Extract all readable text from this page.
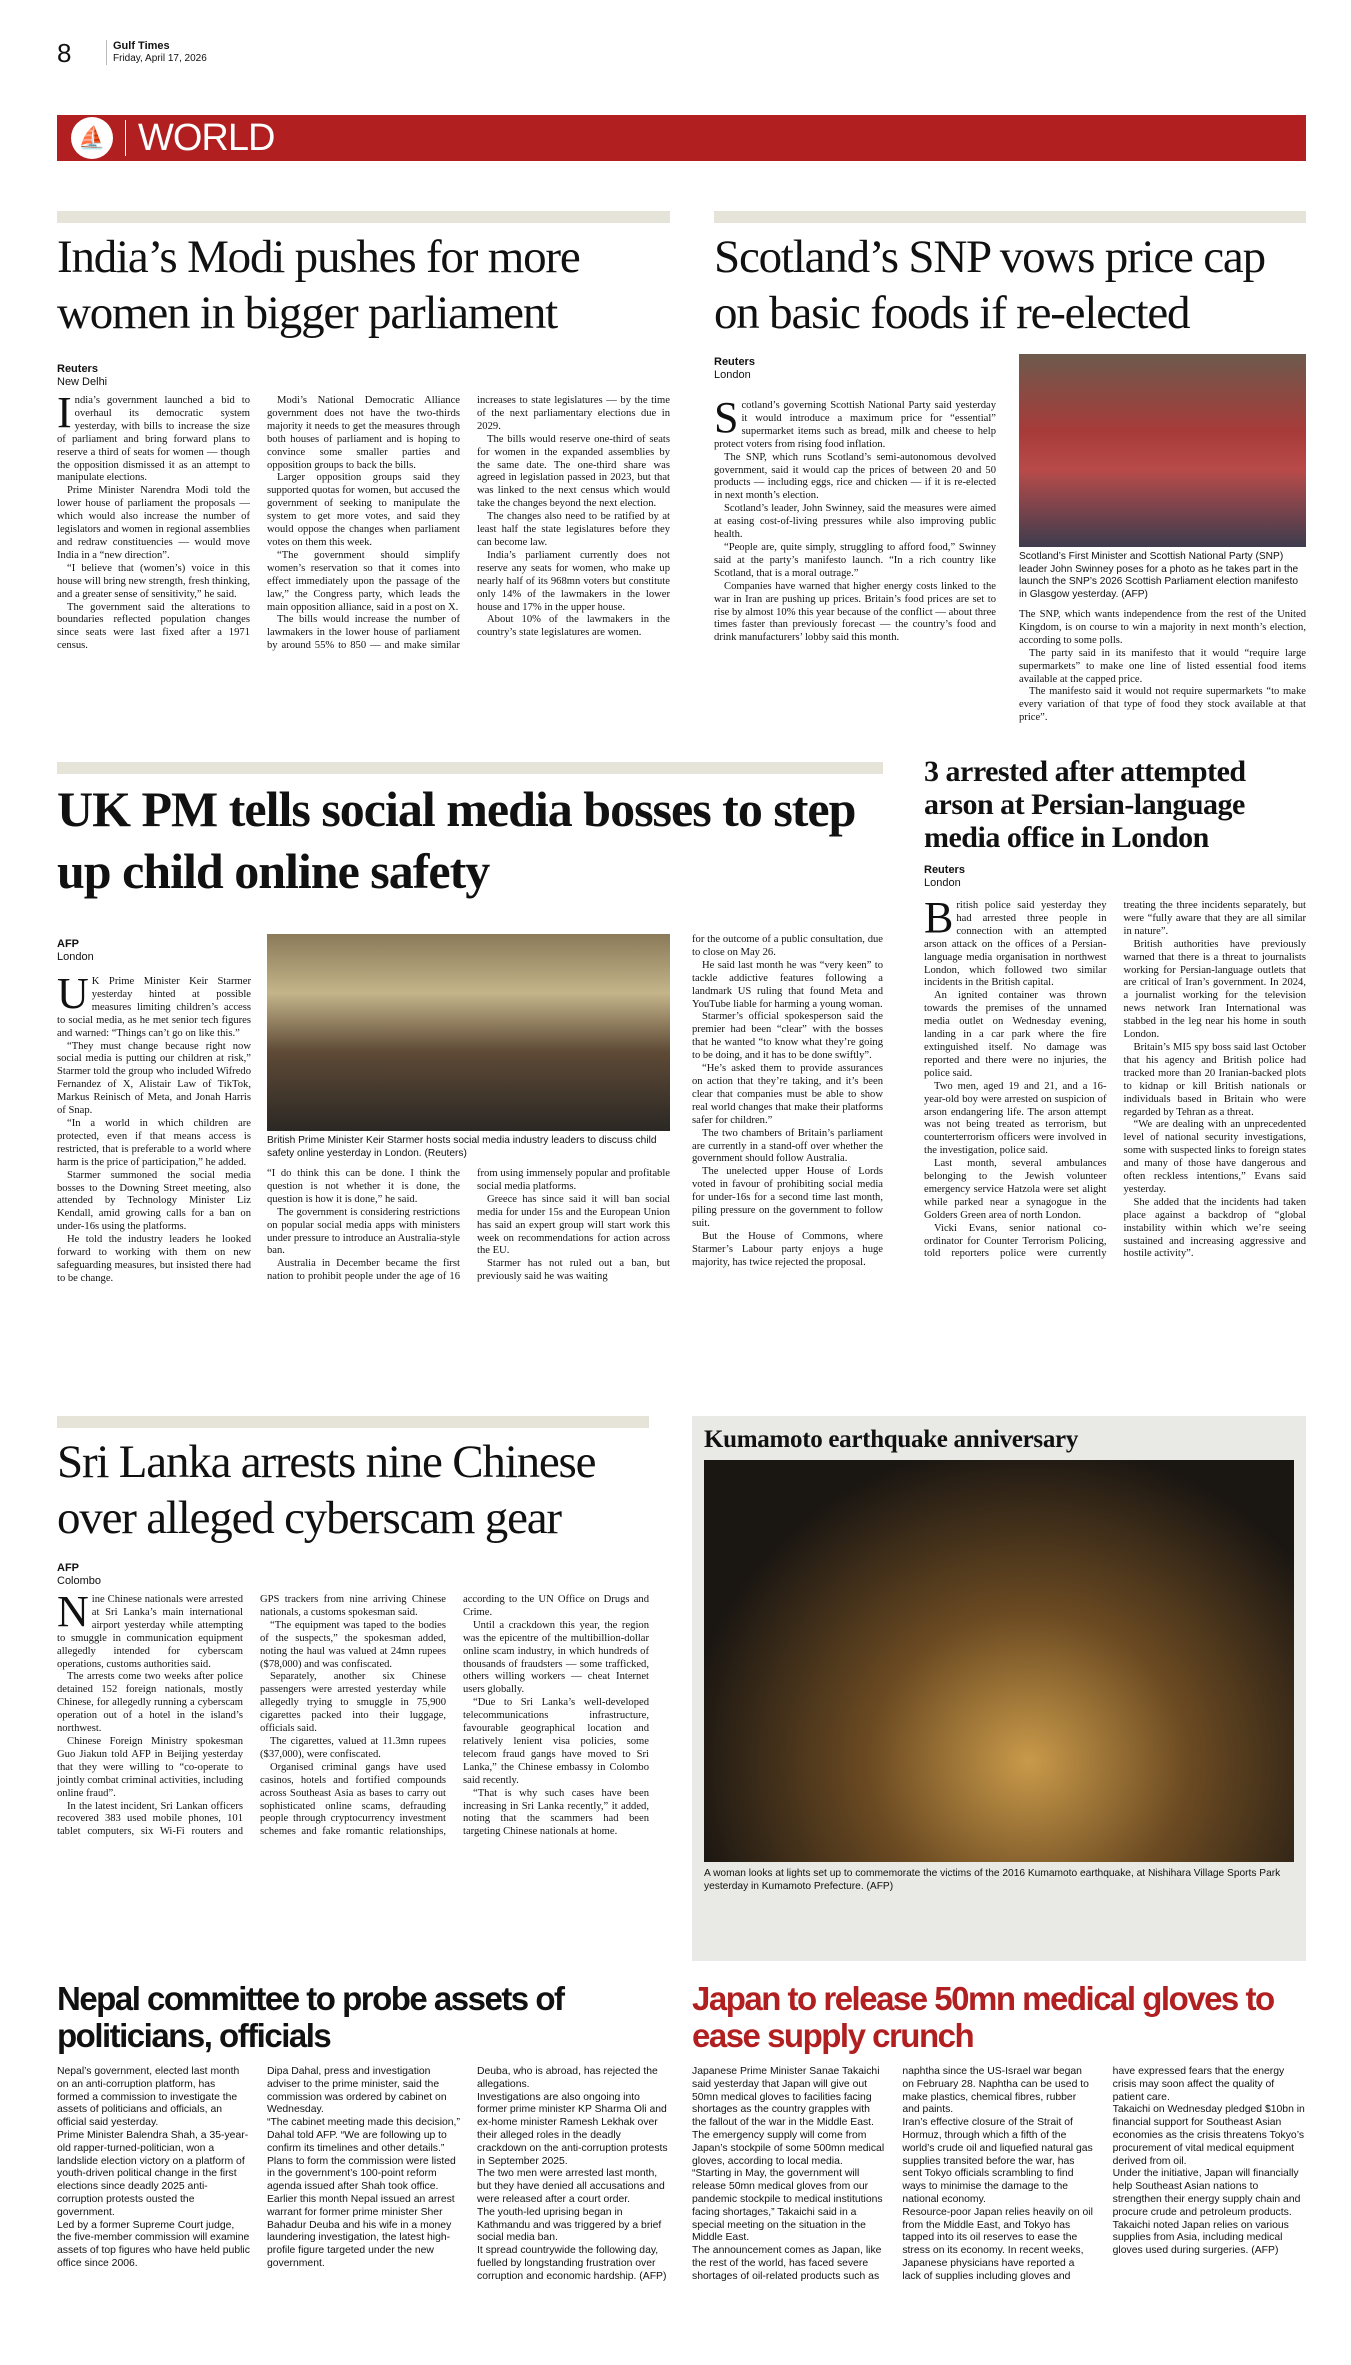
8	Gulf Times
Friday, April 17, 2026
⛵ WORLD
India’s Modi pushes for more women in bigger parliament
Reuters
New Delhi

India’s government launched a bid to overhaul its democratic system yesterday, with bills to increase the size of parliament and bring forward plans to reserve a third of seats for women — though the opposition dismissed it as an attempt to manipulate elections.

Prime Minister Narendra Modi told the lower house of parliament the proposals — which would also increase the number of legislators and women in regional assemblies and redraw constituencies — would move India in a “new direction”.

“I believe that (women’s) voice in this house will bring new strength, fresh thinking, and a greater sense of sensitivity,” he said.

The government said the alterations to boundaries reflected population changes since seats were last fixed after a 1971 census.

Modi’s National Democratic Alliance government does not have the two-thirds majority it needs to get the measures through both houses of parliament and is hoping to convince some smaller parties and opposition groups to back the bills.

Larger opposition groups said they supported quotas for women, but accused the government of seeking to manipulate the system to get more votes, and said they would oppose the changes when parliament votes on them this week.

“The government should simplify women’s reservation so that it comes into effect immediately upon the passage of the law,” the Congress party, which leads the main opposition alliance, said in a post on X.

The bills would increase the number of lawmakers in the lower house of parliament by around 55% to 850 — and make similar increases to state legislatures — by the time of the next parliamentary elections due in 2029.

The bills would reserve one-third of seats for women in the expanded assemblies by the same date. The one-third share was agreed in legislation passed in 2023, but that was linked to the next census which would take the changes beyond the next election.

The changes also need to be ratified by at least half the state legislatures before they can become law.

India’s parliament currently does not reserve any seats for women, who make up nearly half of its 968mn voters but constitute only 14% of the lawmakers in the lower house and 17% in the upper house.

About 10% of the lawmakers in the country’s state legislatures are women.

Scotland’s SNP vows price cap on basic foods if re-elected
Reuters
London

Scotland’s governing Scottish National Party said yesterday it would introduce a maximum price for “essential” supermarket items such as bread, milk and cheese to help protect voters from rising food inflation.

The SNP, which runs Scotland’s semi-autonomous devolved government, said it would cap the prices of between 20 and 50 products — including eggs, rice and chicken — if it is re-elected in next month’s election.

Scotland’s leader, John Swinney, said the measures were aimed at easing cost-of-living pressures while also improving public health.

“People are, quite simply, struggling to afford food,” Swinney said at the party’s manifesto launch. “In a rich country like Scotland, that is a moral outrage.”

Companies have warned that higher energy costs linked to the war in Iran are pushing up prices. Britain’s food prices are set to rise by almost 10% this year because of the conflict — about three times faster than previously forecast — the country’s food and drink manufacturers’ lobby said this month.

Scotland’s First Minister and Scottish National Party (SNP) leader John Swinney poses for a photo as he takes part in the launch the SNP’s 2026 Scottish Parliament election manifesto in Glasgow yesterday. (AFP)

The SNP, which wants independence from the rest of the United Kingdom, is on course to win a majority in next month’s election, according to some polls.

The party said in its manifesto that it would “require large supermarkets” to make one line of listed essential food items available at the capped price.

The manifesto said it would not require supermarkets “to make every variation of that type of food they stock available at that price”.

UK PM tells social media bosses to step up child online safety
AFP
London

UK Prime Minister Keir Starmer yesterday hinted at possible measures limiting children’s access to social media, as he met senior tech figures and warned: “Things can’t go on like this.”

“They must change because right now social media is putting our children at risk,” Starmer told the group who included Wifredo Fernandez of X, Alistair Law of TikTok, Markus Reinisch of Meta, and Jonah Harris of Snap.

“In a world in which children are protected, even if that means access is restricted, that is preferable to a world where harm is the price of participation,” he added.

Starmer summoned the social media bosses to the Downing Street meeting, also attended by Technology Minister Liz Kendall, amid growing calls for a ban on under-16s using the platforms.

He told the industry leaders he looked forward to working with them on new safeguarding measures, but insisted there had to be change.

British Prime Minister Keir Starmer hosts social media industry leaders to discuss child safety online yesterday in London. (Reuters)

“I do think this can be done. I think the question is not whether it is done, the question is how it is done,” he said.

The government is considering restrictions on popular social media apps with ministers under pressure to introduce an Australia-style ban.

Australia in December became the first nation to prohibit people under the age of 16 from using immensely popular and profitable social media platforms.

Greece has since said it will ban social media for under 15s and the European Union has said an expert group will start work this week on recommendations for action across the EU.

Starmer has not ruled out a ban, but previously said he was waiting

for the outcome of a public consultation, due to close on May 26.

He said last month he was “very keen” to tackle addictive features following a landmark US ruling that found Meta and YouTube liable for harming a young woman.

Starmer’s official spokesperson said the premier had been “clear” with the bosses that he wanted “to know what they’re going to be doing, and it has to be done swiftly”.

“He’s asked them to provide assurances on action that they’re taking, and it’s been clear that companies must be able to show real world changes that make their platforms safer for children.”

The two chambers of Britain’s parliament are currently in a stand-off over whether the government should follow Australia.

The unelected upper House of Lords voted in favour of prohibiting social media for under-16s for a second time last month, piling pressure on the government to follow suit.

But the House of Commons, where Starmer’s Labour party enjoys a huge majority, has twice rejected the proposal.

3 arrested after attempted arson at Persian-language media office in London
Reuters
London

British police said yesterday they had arrested three people in connection with an attempted arson attack on the offices of a Persian-language media organisation in northwest London, which followed two similar incidents in the British capital.

An ignited container was thrown towards the premises of the unnamed media outlet on Wednesday evening, landing in a car park where the fire extinguished itself. No damage was reported and there were no injuries, the police said.

Two men, aged 19 and 21, and a 16-year-old boy were arrested on suspicion of arson endangering life. The arson attempt was not being treated as terrorism, but counterterrorism officers were involved in the investigation, police said.

Last month, several ambulances belonging to the Jewish volunteer emergency service Hatzola were set alight while parked near a synagogue in the Golders Green area of north London.

Vicki Evans, senior national co-ordinator for Counter Terrorism Policing, told reporters police were currently treating the three incidents separately, but were “fully aware that they are all similar in nature”.

British authorities have previously warned that there is a threat to journalists working for Persian-language outlets that are critical of Iran’s government. In 2024, a journalist working for the television news network Iran International was stabbed in the leg near his home in south London.

Britain’s MI5 spy boss said last October that his agency and British police had tracked more than 20 Iranian-backed plots to kidnap or kill British nationals or individuals based in Britain who were regarded by Tehran as a threat.

“We are dealing with an unprecedented level of national security investigations, some with suspected links to foreign states and many of those have dangerous and often reckless intentions,” Evans said yesterday.

She added that the incidents had taken place against a backdrop of “global instability within which we’re seeing sustained and increasing aggressive and hostile activity”.

Sri Lanka arrests nine Chinese over alleged cyberscam gear
AFP
Colombo

Nine Chinese nationals were arrested at Sri Lanka’s main international airport yesterday while attempting to smuggle in communication equipment allegedly intended for cyberscam operations, customs authorities said.

The arrests come two weeks after police detained 152 foreign nationals, mostly Chinese, for allegedly running a cyberscam operation out of a hotel in the island’s northwest.

Chinese Foreign Ministry spokesman Guo Jiakun told AFP in Beijing yesterday that they were willing to “co-operate to jointly combat criminal activities, including online fraud”.

In the latest incident, Sri Lankan officers recovered 383 used mobile phones, 101 tablet computers, six Wi-Fi routers and GPS trackers from nine arriving Chinese nationals, a customs spokesman said.

“The equipment was taped to the bodies of the suspects,” the spokesman added, noting the haul was valued at 24mn rupees ($78,000) and was confiscated.

Separately, another six Chinese passengers were arrested yesterday while allegedly trying to smuggle in 75,900 cigarettes packed into their luggage, officials said.

The cigarettes, valued at 11.3mn rupees ($37,000), were confiscated.

Organised criminal gangs have used casinos, hotels and fortified compounds across Southeast Asia as bases to carry out sophisticated online scams, defrauding people through cryptocurrency investment schemes and fake romantic relationships, according to the UN Office on Drugs and Crime.

Until a crackdown this year, the region was the epicentre of the multibillion-dollar online scam industry, in which hundreds of thousands of fraudsters — some trafficked, others willing workers — cheat Internet users globally.

“Due to Sri Lanka’s well-developed telecommunications infrastructure, favourable geographical location and relatively lenient visa policies, some telecom fraud gangs have moved to Sri Lanka,” the Chinese embassy in Colombo said recently.

“That is why such cases have been increasing in Sri Lanka recently,” it added, noting that the scammers had been targeting Chinese nationals at home.

Kumamoto earthquake anniversary
A woman looks at lights set up to commemorate the victims of the 2016 Kumamoto earthquake, at Nishihara Village Sports Park yesterday in Kumamoto Prefecture. (AFP)
Nepal committee to probe assets of politicians, officials

Nepal’s government, elected last month on an anti-corruption platform, has formed a commission to investigate the assets of politicians and officials, an official said yesterday.

Prime Minister Balendra Shah, a 35-year-old rapper-turned-politician, won a landslide election victory on a platform of youth-driven political change in the first elections since deadly 2025 anti-corruption protests ousted the government.

Led by a former Supreme Court judge, the five-member commission will examine assets of top figures who have held public office since 2006.

Dipa Dahal, press and investigation adviser to the prime minister, said the commission was ordered by cabinet on Wednesday.

“The cabinet meeting made this decision,” Dahal told AFP. “We are following up to confirm its timelines and other details.”

Plans to form the commission were listed in the government’s 100-point reform agenda issued after Shah took office.

Earlier this month Nepal issued an arrest warrant for former prime minister Sher Bahadur Deuba and his wife in a money laundering investigation, the latest high-profile figure targeted under the new government.

Deuba, who is abroad, has rejected the allegations.

Investigations are also ongoing into former prime minister KP Sharma Oli and ex-home minister Ramesh Lekhak over their alleged roles in the deadly crackdown on the anti-corruption protests in September 2025.

The two men were arrested last month, but they have denied all accusations and were released after a court order.

The youth-led uprising began in Kathmandu and was triggered by a brief social media ban.

It spread countrywide the following day, fuelled by longstanding frustration over corruption and economic hardship. (AFP)

Japan to release 50mn medical gloves to ease supply crunch

Japanese Prime Minister Sanae Takaichi said yesterday that Japan will give out 50mn medical gloves to facilities facing shortages as the country grapples with the fallout of the war in the Middle East.

The emergency supply will come from Japan’s stockpile of some 500mn medical gloves, according to local media.

“Starting in May, the government will release 50mn medical gloves from our pandemic stockpile to medical institutions facing shortages,” Takaichi said in a special meeting on the situation in the Middle East.

The announcement comes as Japan, like the rest of the world, has faced severe shortages of oil-related products such as naphtha since the US-Israel war began on February 28. Naphtha can be used to make plastics, chemical fibres, rubber and paints.

Iran’s effective closure of the Strait of Hormuz, through which a fifth of the world’s crude oil and liquefied natural gas supplies transited before the war, has sent Tokyo officials scrambling to find ways to minimise the damage to the national economy.

Resource-poor Japan relies heavily on oil from the Middle East, and Tokyo has tapped into its oil reserves to ease the stress on its economy. In recent weeks, Japanese physicians have reported a lack of supplies including gloves and have expressed fears that the energy crisis may soon affect the quality of patient care.

Takaichi on Wednesday pledged $10bn in financial support for Southeast Asian economies as the crisis threatens Tokyo’s procurement of vital medical equipment derived from oil.

Under the initiative, Japan will financially help Southeast Asian nations to strengthen their energy supply chain and procure crude and petroleum products. Takaichi noted Japan relies on various supplies from Asia, including medical gloves used during surgeries. (AFP)
